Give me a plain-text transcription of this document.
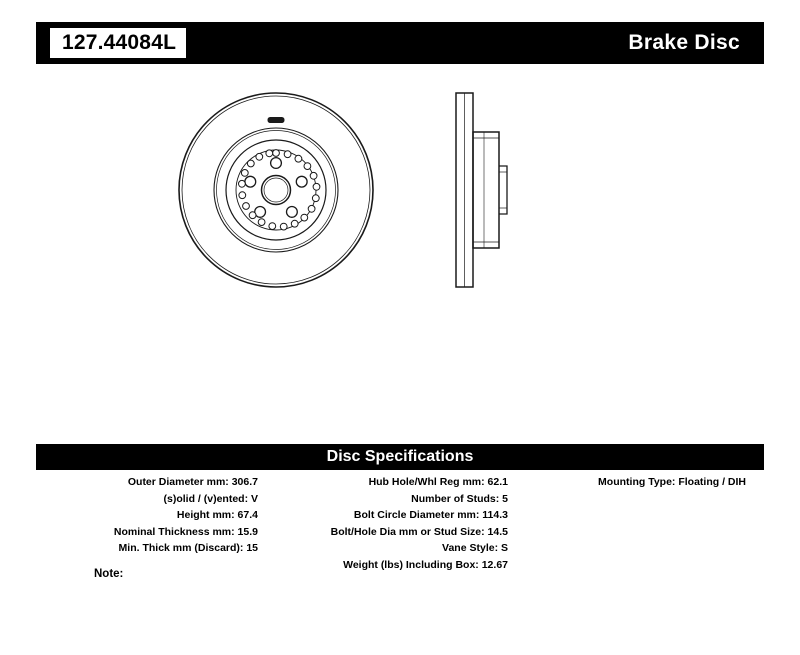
127.44084L	Brake Disc
Disc Specifications
Outer Diameter mm: 306.7
(s)olid / (v)ented: V
Height mm: 67.4
Nominal Thickness mm: 15.9
Min. Thick mm (Discard): 15
Hub Hole/Whl Reg mm: 62.1
Number of Studs: 5
Bolt Circle Diameter mm: 114.3
Bolt/Hole Dia mm or Stud Size: 14.5
Vane Style: S
Weight (lbs) Including Box: 12.67
Mounting Type: Floating / DIH
Note:
